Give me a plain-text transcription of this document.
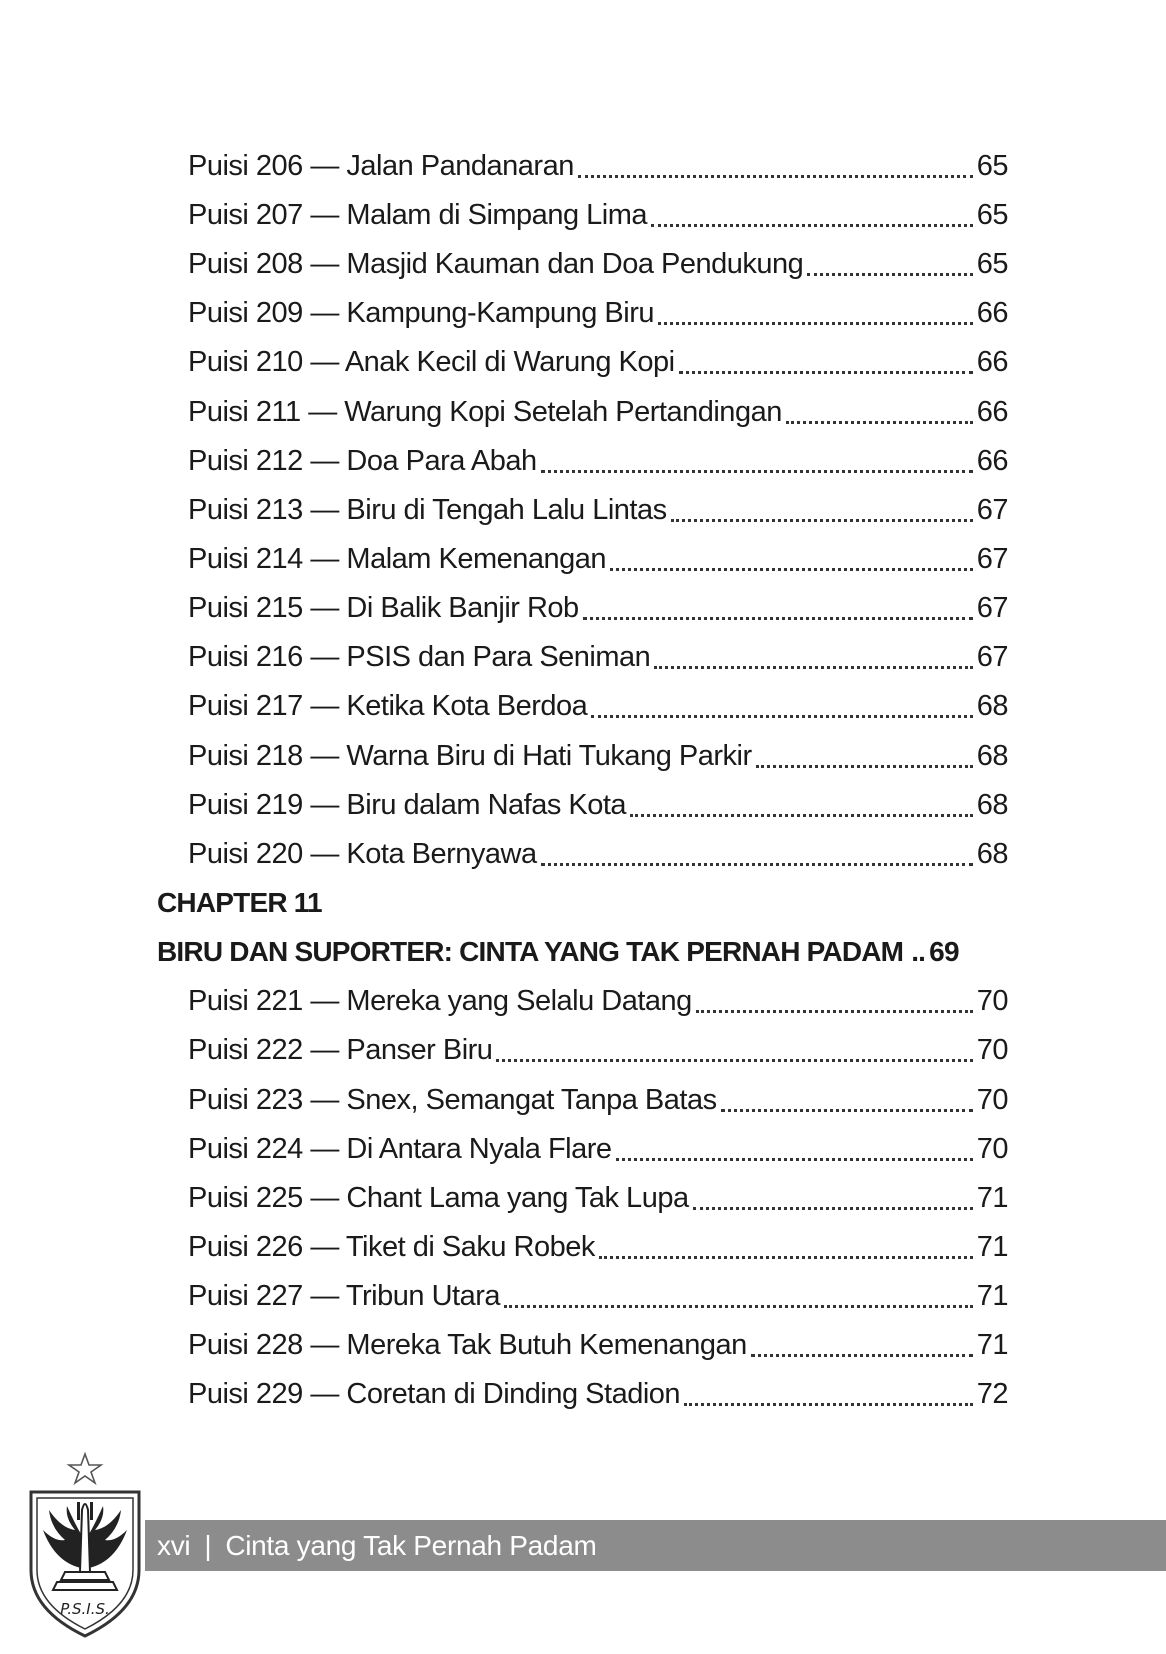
Puisi 206 — Jalan Pandanaran	65
Puisi 207 — Malam di Simpang Lima	65
Puisi 208 — Masjid Kauman dan Doa Pendukung	65
Puisi 209 — Kampung-Kampung Biru	66
Puisi 210 — Anak Kecil di Warung Kopi	66
Puisi 211 — Warung Kopi Setelah Pertandingan	66
Puisi 212 — Doa Para Abah	66
Puisi 213 — Biru di Tengah Lalu Lintas	67
Puisi 214 — Malam Kemenangan	67
Puisi 215 — Di Balik Banjir Rob	67
Puisi 216 — PSIS dan Para Seniman	67
Puisi 217 — Ketika Kota Berdoa	68
Puisi 218 — Warna Biru di Hati Tukang Parkir	68
Puisi 219 — Biru dalam Nafas Kota	68
Puisi 220 — Kota Bernyawa	68
CHAPTER 11
BIRU DAN SUPORTER: CINTA YANG TAK PERNAH PADAM .. 69
Puisi 221 — Mereka yang Selalu Datang	70
Puisi 222 — Panser Biru	70
Puisi 223 — Snex, Semangat Tanpa Batas	70
Puisi 224 — Di Antara Nyala Flare	70
Puisi 225 — Chant Lama yang Tak Lupa	71
Puisi 226 — Tiket di Saku Robek	71
Puisi 227 — Tribun Utara	71
Puisi 228 — Mereka Tak Butuh Kemenangan	71
Puisi 229 — Coretan di Dinding Stadion	72
xvi | Cinta yang Tak Pernah Padam
P.S.I.S.
